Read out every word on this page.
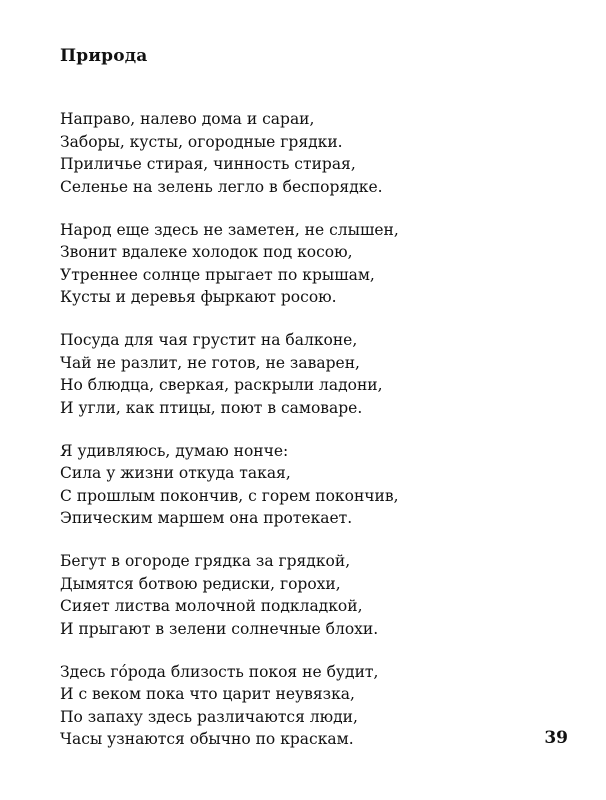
Природа
Направо, налево дома и сараи,
Заборы, кусты, огородные грядки.
Приличье стирая, чинность стирая,
Селенье на зелень легло в беспорядке.
Народ еще здесь не заметен, не слышен,
Звонит вдалеке холодок под косою,
Утреннее солнце прыгает по крышам,
Кусты и деревья фыркают росою.
Посуда для чая грустит на балконе,
Чай не разлит, не готов, не заварен,
Но блюдца, сверкая, раскрыли ладони,
И угли, как птицы, поют в самоваре.
Я удивляюсь, думаю нонче:
Сила у жизни откуда такая,
С прошлым покончив, с горем покончив,
Эпическим маршем она протекает.
Бегут в огороде грядка за грядкой,
Дымятся ботвою редиски, горохи,
Сияет листва молочной подкладкой,
И прыгают в зелени солнечные блохи.
Здесь го́рода близость покоя не будит,
И с веком пока что царит неувязка,
По запаху здесь различаются люди,
Часы узнаются обычно по краскам.	39
